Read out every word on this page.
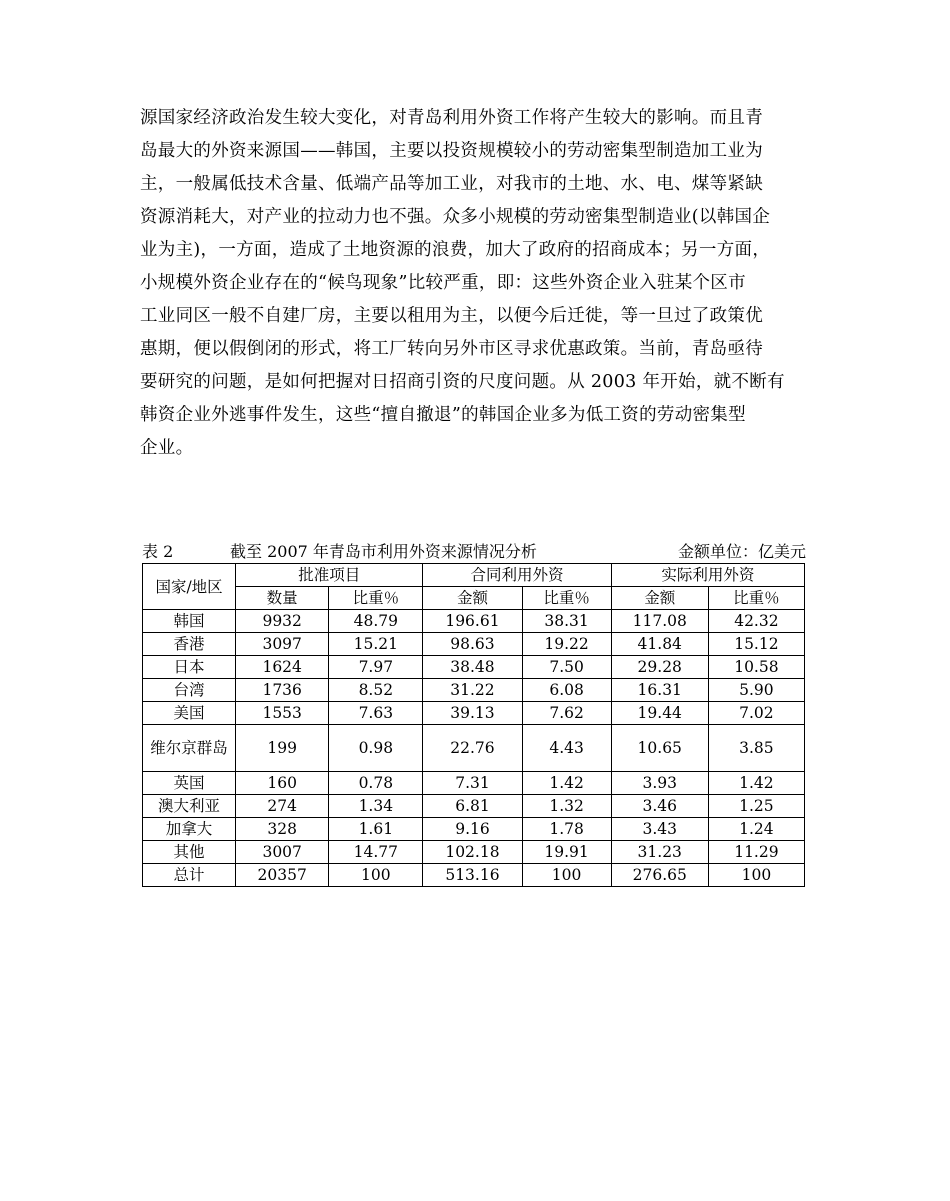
源国家经济政治发生较大变化，对青岛利用外资工作将产生较大的影响。而且青
岛最大的外资来源国——韩国，主要以投资规模较小的劳动密集型制造加工业为
主，一般属低技术含量、低端产品等加工业，对我市的土地、水、电、煤等紧缺
资源消耗大，对产业的拉动力也不强。众多小规模的劳动密集型制造业(以韩国企
业为主)，一方面，造成了土地资源的浪费，加大了政府的招商成本；另一方面，
小规模外资企业存在的“候鸟现象”比较严重，即：这些外资企业入驻某个区市
工业同区一般不自建厂房，主要以租用为主，以便今后迁徙，等一旦过了政策优
惠期，便以假倒闭的形式，将工厂转向另外市区寻求优惠政策。当前，青岛亟待
要研究的问题，是如何把握对日招商引资的尺度问题。从 2003 年开始，就不断有
韩资企业外逃事件发生，这些“擅自撤退”的韩国企业多为低工资的劳动密集型
企业。
表 2	截至 2007 年青岛市利用外资来源情况分析	金额单位：亿美元
国家/地区	批准项目		合同利用外资		实际利用外资	
	数量	比重％	金额	比重％	金额	比重％
韩国	9932	48.79	196.61	38.31	117.08	42.32
香港	3097	15.21	98.63	19.22	41.84	15.12
日本	1624	7.97	38.48	7.50	29.28	10.58
台湾	1736	8.52	31.22	6.08	16.31	5.90
美国	1553	7.63	39.13	7.62	19.44	7.02
维尔京群岛	199	0.98	22.76	4.43	10.65	3.85
英国	160	0.78	7.31	1.42	3.93	1.42
澳大利亚	274	1.34	6.81	1.32	3.46	1.25
加拿大	328	1.61	9.16	1.78	3.43	1.24
其他	3007	14.77	102.18	19.91	31.23	11.29
总计	20357	100	513.16	100	276.65	100
